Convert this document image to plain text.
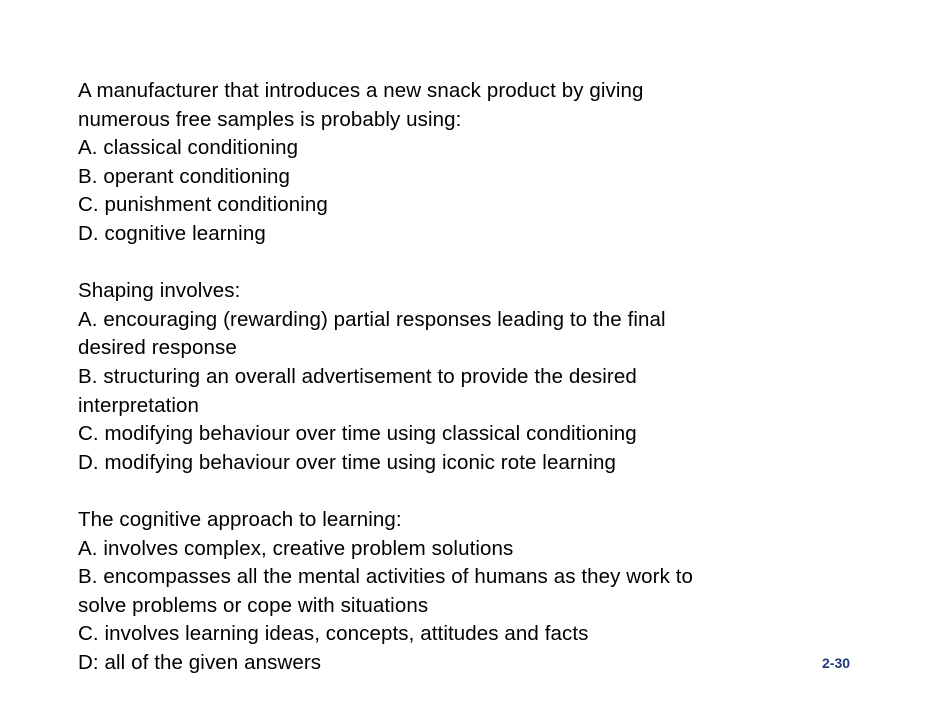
A manufacturer that introduces a new snack product by giving
numerous free samples is probably using:
A. classical conditioning
B. operant conditioning
C. punishment conditioning
D. cognitive learning
Shaping involves:
A. encouraging (rewarding) partial responses leading to the final
desired response
B. structuring an overall advertisement to provide the desired
interpretation
C. modifying behaviour over time using classical conditioning
D. modifying behaviour over time using iconic rote learning
The cognitive approach to learning:
A. involves complex, creative problem solutions
B. encompasses all the mental activities of humans as they work to
solve problems or cope with situations
C. involves learning ideas, concepts, attitudes and facts
D: all of the given answers	2-30
